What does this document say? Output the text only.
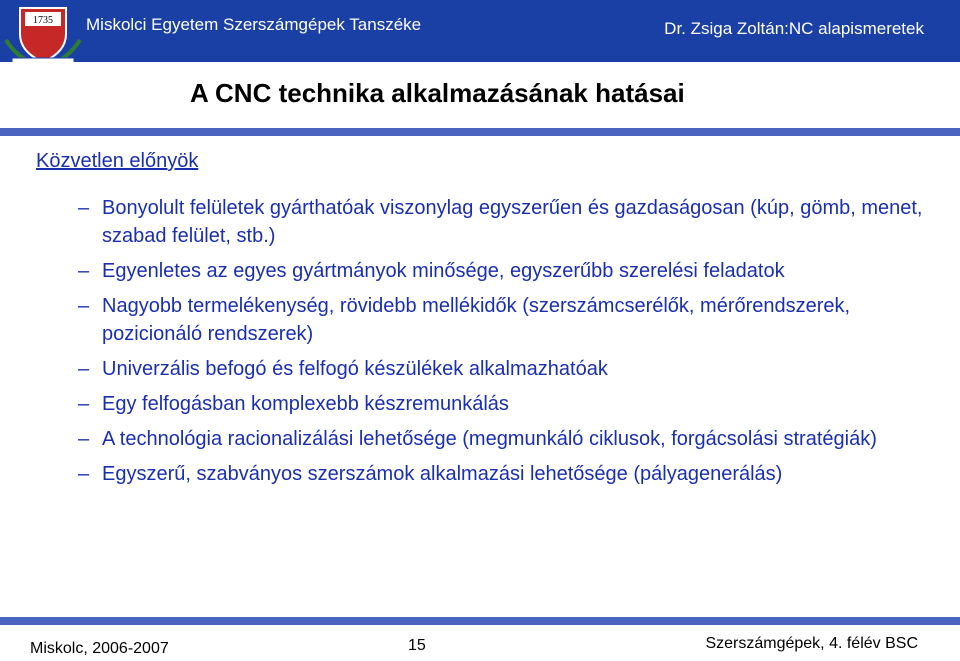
1735 Miskolci Egyetem Szerszámgépek Tanszéke	Dr. Zsiga Zoltán:NC alapismeretek
A CNC technika alkalmazásának hatásai
Közvetlen előnyök
– Bonyolult felületek gyárthatóak viszonylag egyszerűen és gazdaságosan (kúp, gömb, menet, szabad felület, stb.)
– Egyenletes az egyes gyártmányok minősége, egyszerűbb szerelési feladatok
– Nagyobb termelékenység, rövidebb mellékidők (szerszámcserélők, mérőrendszerek, pozicionáló rendszerek)
– Univerzális befogó és felfogó készülékek alkalmazhatóak
– Egy felfogásban komplexebb készremunkálás
– A technológia racionalizálási lehetősége (megmunkáló ciklusok, forgácsolási stratégiák)
– Egyszerű, szabványos szerszámok alkalmazási lehetősége (pályagenerálás)
Miskolc, 2006-2007	15	Szerszámgépek, 4. félév BSC
